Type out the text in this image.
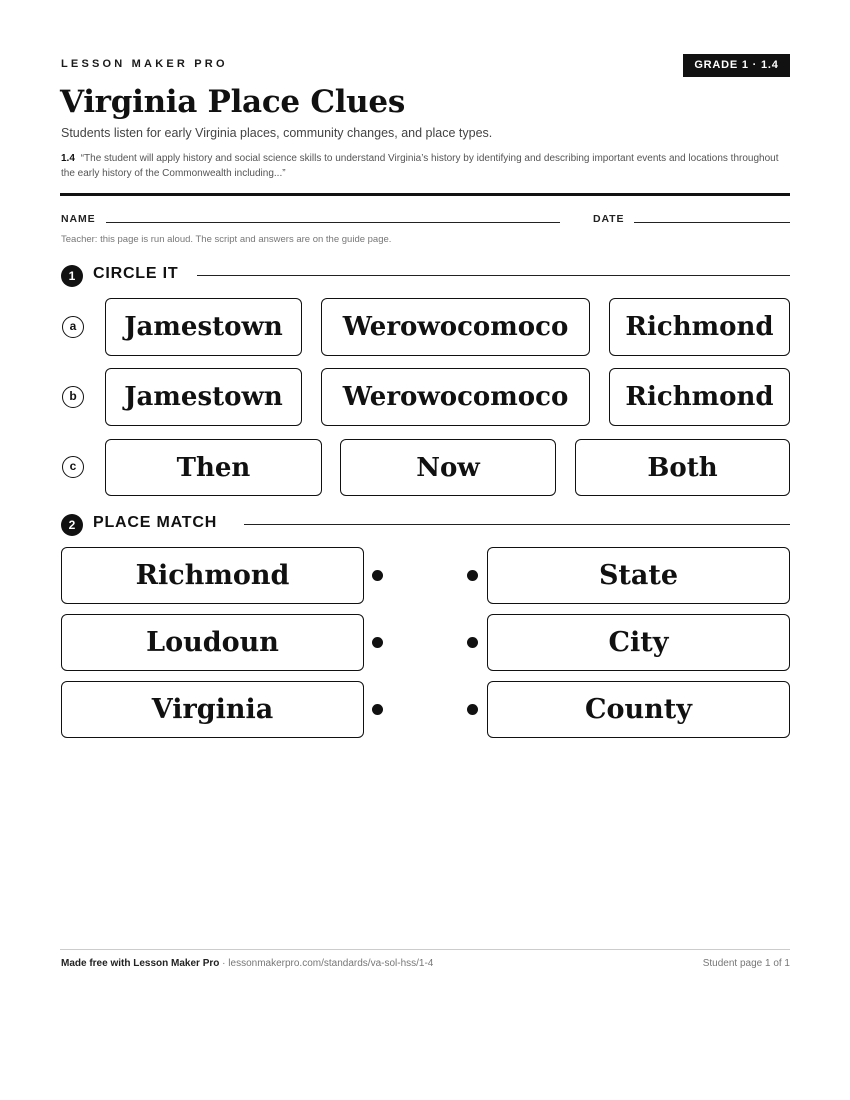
LESSON MAKER PRO	GRADE 1 · 1.4
Virginia Place Clues
Students listen for early Virginia places, community changes, and place types.
1.4 “The student will apply history and social science skills to understand Virginia’s history by identifying and describing important events and locations throughout the early history of the Commonwealth including...”
NAME	DATE
Teacher: this page is run aloud. The script and answers are on the guide page.
1	CIRCLE IT
a	Jamestown	Werowocomoco	Richmond
b	Jamestown	Werowocomoco	Richmond
c	Then	Now	Both
2	PLACE MATCH
Richmond	State
Loudoun	City
Virginia	County
Made free with Lesson Maker Pro · lessonmakerpro.com/standards/va-sol-hss/1-4	Student page 1 of 1
